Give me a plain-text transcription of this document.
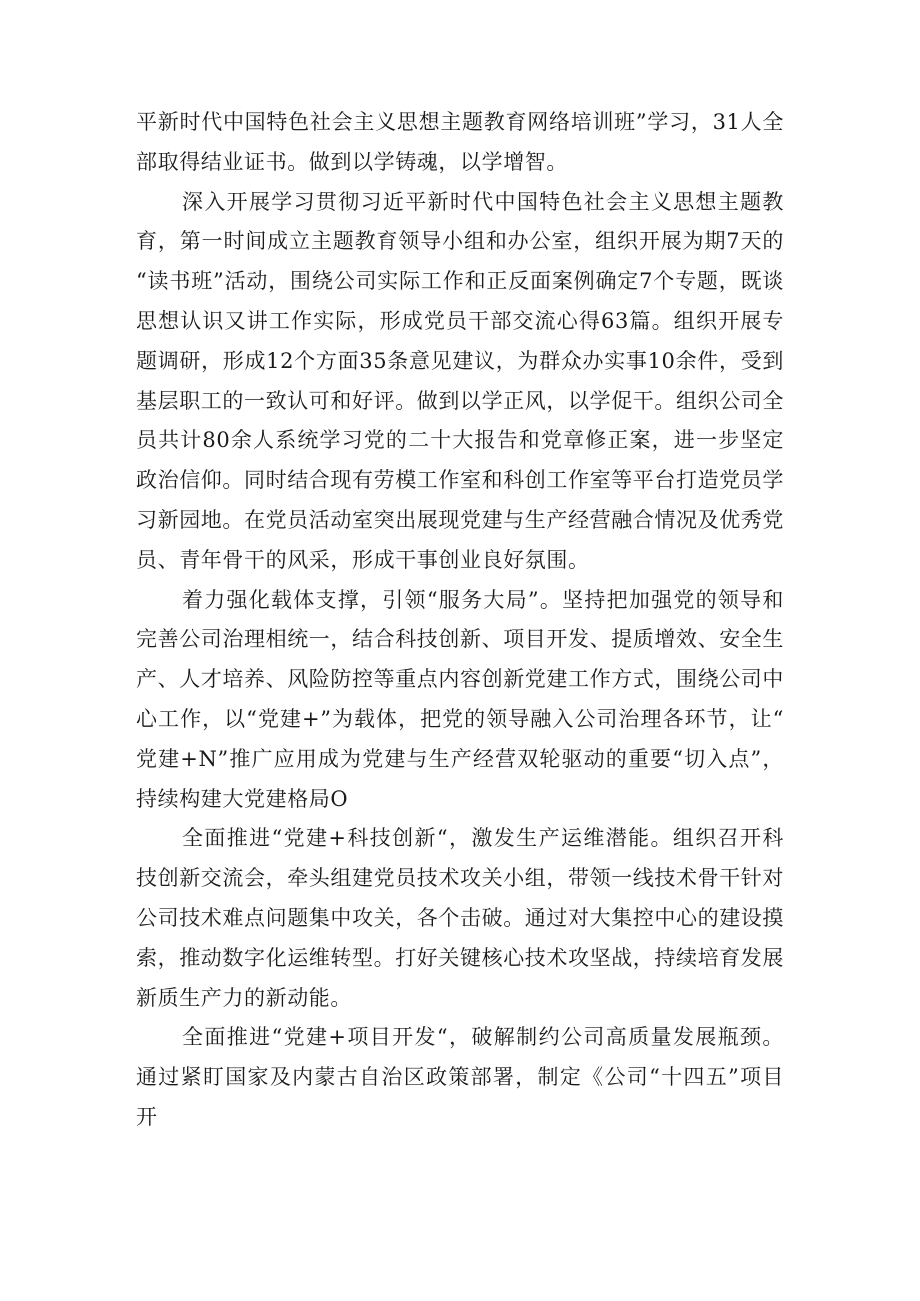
平新时代中国特色社会主义思想主题教育网络培训班”学习，31人全部取得结业证书。做到以学铸魂，以学增智。

深入开展学习贯彻习近平新时代中国特色社会主义思想主题教育，第一时间成立主题教育领导小组和办公室，组织开展为期7天的“读书班”活动，围绕公司实际工作和正反面案例确定7个专题，既谈思想认识又讲工作实际，形成党员干部交流心得63篇。组织开展专题调研，形成12个方面35条意见建议，为群众办实事10余件，受到基层职工的一致认可和好评。做到以学正风，以学促干。组织公司全员共计80余人系统学习党的二十大报告和党章修正案，进一步坚定政治信仰。同时结合现有劳模工作室和科创工作室等平台打造党员学习新园地。在党员活动室突出展现党建与生产经营融合情况及优秀党员、青年骨干的风采，形成干事创业良好氛围。

着力强化载体支撑，引领“服务大局”。坚持把加强党的领导和完善公司治理相统一，结合科技创新、项目开发、提质增效、安全生产、人才培养、风险防控等重点内容创新党建工作方式，围绕公司中心工作，以“党建+”为载体，把党的领导融入公司治理各环节，让“党建+N”推广应用成为党建与生产经营双轮驱动的重要“切入点”，持续构建大党建格局O

全面推进“党建+科技创新“，激发生产运维潜能。组织召开科技创新交流会，牵头组建党员技术攻关小组，带领一线技术骨干针对公司技术难点问题集中攻关，各个击破。通过对大集控中心的建设摸索，推动数字化运维转型。打好关键核心技术攻坚战，持续培育发展新质生产力的新动能。

全面推进“党建+项目开发“，破解制约公司高质量发展瓶颈。通过紧盯国家及内蒙古自治区政策部署，制定《公司“十四五”项目开
